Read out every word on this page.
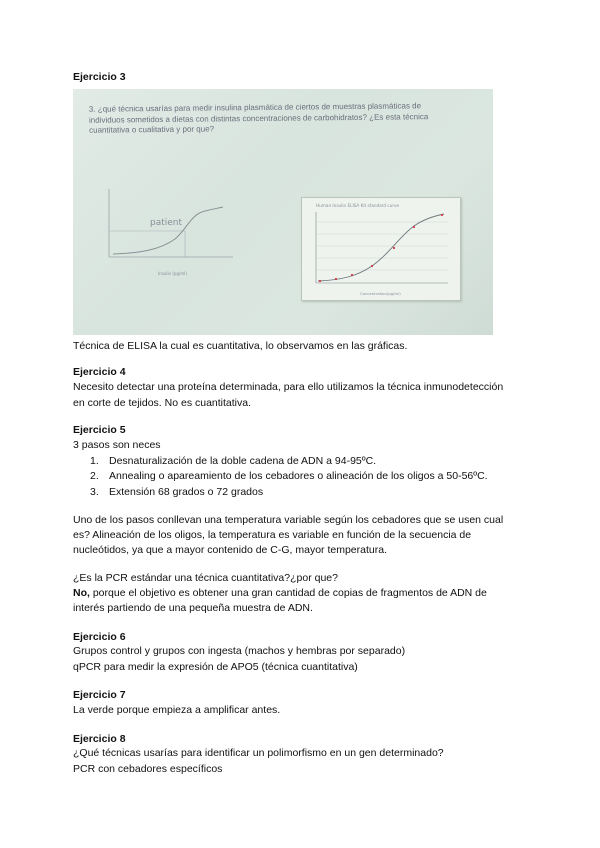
Ejercicio 3
3. ¿qué técnica usarías para medir insulina plasmática de ciertos de muestras plasmáticas de
individuos sometidos a dietas con distintas concentraciones de carbohidratos? ¿Es esta técnica
cuantitativa o cualitativa y por que?
patient
Insulin (pg/ml)
Human Insulin ELISA Kit standard curve
Concentration(pg/ml)
Técnica de ELISA la cual es cuantitativa, lo observamos en las gráficas.
Ejercicio 4
Necesito detectar una proteína determinada, para ello utilizamos la técnica inmunodetección
en corte de tejidos. No es cuantitativa.
Ejercicio 5
3 pasos son neces
1. Desnaturalización de la doble cadena de ADN a 94-95ºC.
2. Annealing o apareamiento de los cebadores o alineación de los oligos a 50-56ºC.
3. Extensión 68 grados o 72 grados
Uno de los pasos conllevan una temperatura variable según los cebadores que se usen cual
es? Alineación de los oligos, la temperatura es variable en función de la secuencia de
nucleótidos, ya que a mayor contenido de C-G, mayor temperatura.
¿Es la PCR estándar una técnica cuantitativa?¿por que?
No, porque el objetivo es obtener una gran cantidad de copias de fragmentos de ADN de
interés partiendo de una pequeña muestra de ADN.
Ejercicio 6
Grupos control y grupos con ingesta (machos y hembras por separado)
qPCR para medir la expresión de APO5 (técnica cuantitativa)
Ejercicio 7
La verde porque empieza a amplificar antes.
Ejercicio 8
¿Qué técnicas usarías para identificar un polimorfismo en un gen determinado?
PCR con cebadores específicos
